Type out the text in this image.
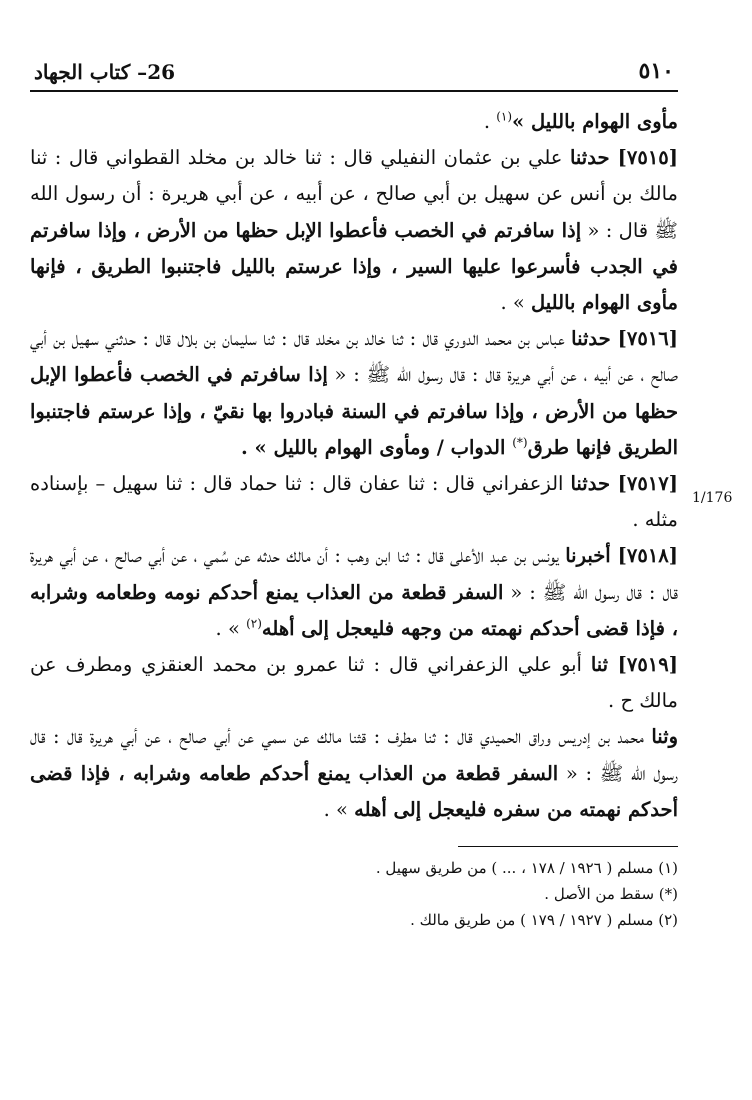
26– كتاب الجهاد	٥١٠

مأوى الهوام بالليل »$^{(١)}$ .

[٧٥١٥] حدثنا علي بن عثمان النفيلي قال : ثنا خالد بن مخلد القطواني قال : ثنا مالك بن أنس عن سهيل بن أبي صالح ، عن أبيه ، عن أبي هريرة : أن رسول الله ﷺ قال : « إذا سافرتم في الخصب فأعطوا الإبل حظها من الأرض ، وإذا سافرتم في الجدب فأسرعوا عليها السير ، وإذا عرستم بالليل فاجتنبوا الطريق ، فإنها مأوى الهوام بالليل » .

[٧٥١٦] حدثنا عباس بن محمد الدوري قال : ثنا خالد بن مخلد قال : ثنا سليمان بن بلال قال : حدثني سهيل بن أبي صالح ، عن أبيه ، عن أبي هريرة قال : قال رسول الله ﷺ : « إذا سافرتم في الخصب فأعطوا الإبل حظها من الأرض ، وإذا سافرتم في السنة فبادروا بها نقيّ ، وإذا عرستم فاجتنبوا الطريق فإنها طرق(*) الدواب / ومأوى الهوام بالليل » .

[٧٥١٧] حدثنا الزعفراني قال : ثنا عفان قال : ثنا حماد قال : ثنا سهيل – بإسناده مثله .

[٧٥١٨] أخبرنا يونس بن عبد الأعلى قال : ثنا ابن وهب : أن مالك حدثه عن سُمي ، عن أبي صالح ، عن أبي هريرة قال : قال رسول الله ﷺ : « السفر قطعة من العذاب يمنع أحدكم نومه وطعامه وشرابه ، فإذا قضى أحدكم نهمته من وجهه فليعجل إلى أهله$^{(٢)}$ » .

[٧٥١٩] ثنا أبو علي الزعفراني قال : ثنا عمرو بن محمد العنقزي ومطرف عن مالك ح .

وثنا محمد بن إدريس وراق الحميدي قال : ثنا مطرف : قثنا مالك عن سمي عن أبي صالح ، عن أبي هريرة قال : قال رسول الله ﷺ : « السفر قطعة من العذاب يمنع أحدكم طعامه وشرابه ، فإذا قضى أحدكم نهمته من سفره فليعجل إلى أهله » .

(١) مسلم ( ١٩٢٦ / ١٧٨ ، ... ) من طريق سهيل .
(*) سقط من الأصل .
(٢) مسلم ( ١٩٢٧ / ١٧٩ ) من طريق مالك .
1/176
